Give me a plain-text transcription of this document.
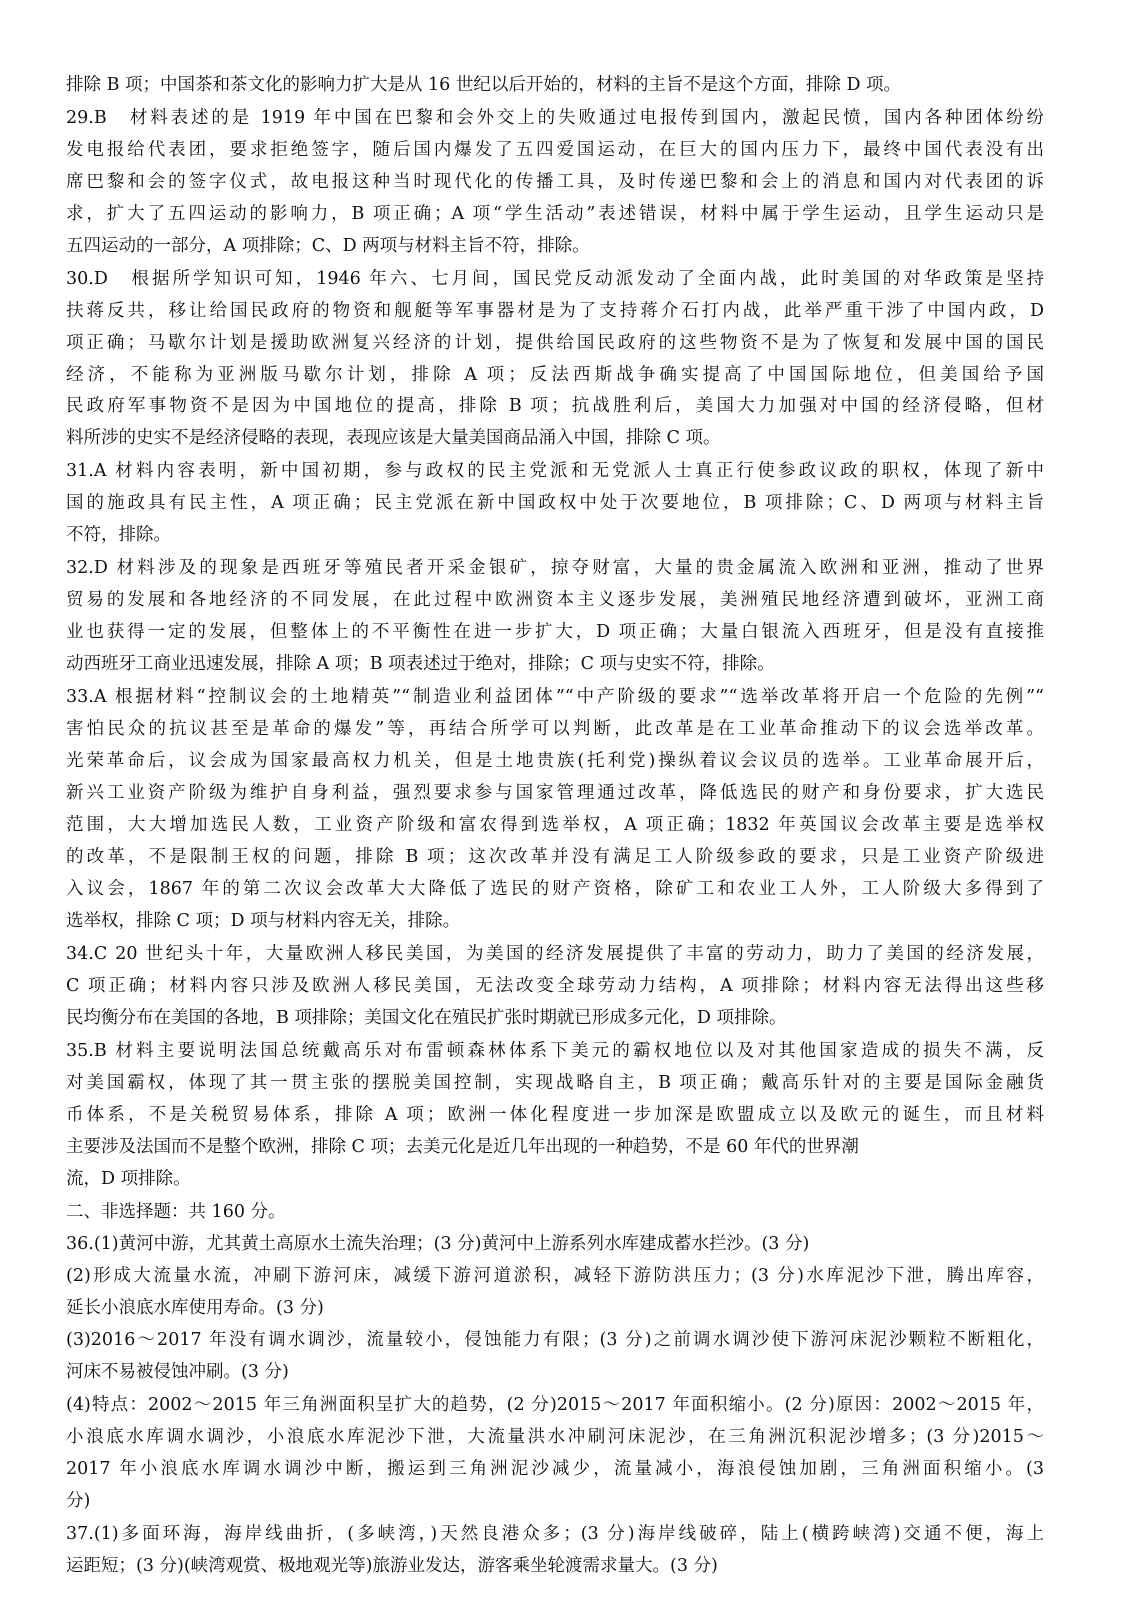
排除 B 项；中国茶和茶文化的影响力扩大是从 16 世纪以后开始的，材料的主旨不是这个方面，排除 D 项。
29.B　材料表述的是 1919 年中国在巴黎和会外交上的失败通过电报传到国内，激起民愤，国内各种团体纷纷
发电报给代表团，要求拒绝签字，随后国内爆发了五四爱国运动，在巨大的国内压力下，最终中国代表没有出
席巴黎和会的签字仪式，故电报这种当时现代化的传播工具，及时传递巴黎和会上的消息和国内对代表团的诉
求，扩大了五四运动的影响力，B 项正确；A 项“学生活动”表述错误，材料中属于学生运动，且学生运动只是
五四运动的一部分，A 项排除；C、D 两项与材料主旨不符，排除。
30.D　根据所学知识可知，1946 年六、七月间，国民党反动派发动了全面内战，此时美国的对华政策是坚持
扶蒋反共，移让给国民政府的物资和舰艇等军事器材是为了支持蒋介石打内战，此举严重干涉了中国内政，D
项正确；马歇尔计划是援助欧洲复兴经济的计划，提供给国民政府的这些物资不是为了恢复和发展中国的国民
经济，不能称为亚洲版马歇尔计划，排除 A 项；反法西斯战争确实提高了中国国际地位，但美国给予国
民政府军事物资不是因为中国地位的提高，排除 B 项；抗战胜利后，美国大力加强对中国的经济侵略，但材
料所涉的史实不是经济侵略的表现，表现应该是大量美国商品涌入中国，排除 C 项。
31.A 材料内容表明，新中国初期，参与政权的民主党派和无党派人士真正行使参政议政的职权，体现了新中
国的施政具有民主性，A 项正确；民主党派在新中国政权中处于次要地位，B 项排除；C、D 两项与材料主旨
不符，排除。
32.D 材料涉及的现象是西班牙等殖民者开采金银矿，掠夺财富，大量的贵金属流入欧洲和亚洲，推动了世界
贸易的发展和各地经济的不同发展，在此过程中欧洲资本主义逐步发展，美洲殖民地经济遭到破坏，亚洲工商
业也获得一定的发展，但整体上的不平衡性在进一步扩大，D 项正确；大量白银流入西班牙，但是没有直接推
动西班牙工商业迅速发展，排除 A 项；B 项表述过于绝对，排除；C 项与史实不符，排除。
33.A 根据材料“控制议会的土地精英”“制造业利益团体”“中产阶级的要求”“选举改革将开启一个危险的先例”“
害怕民众的抗议甚至是革命的爆发”等，再结合所学可以判断，此改革是在工业革命推动下的议会选举改革。
光荣革命后，议会成为国家最高权力机关，但是土地贵族(托利党)操纵着议会议员的选举。工业革命展开后，
新兴工业资产阶级为维护自身利益，强烈要求参与国家管理通过改革，降低选民的财产和身份要求，扩大选民
范围，大大增加选民人数，工业资产阶级和富农得到选举权，A 项正确；1832 年英国议会改革主要是选举权
的改革，不是限制王权的问题，排除 B 项；这次改革并没有满足工人阶级参政的要求，只是工业资产阶级进
入议会，1867 年的第二次议会改革大大降低了选民的财产资格，除矿工和农业工人外，工人阶级大多得到了
选举权，排除 C 项；D 项与材料内容无关，排除。
34.C 20 世纪头十年，大量欧洲人移民美国，为美国的经济发展提供了丰富的劳动力，助力了美国的经济发展，
C 项正确；材料内容只涉及欧洲人移民美国，无法改变全球劳动力结构，A 项排除；材料内容无法得出这些移
民均衡分布在美国的各地，B 项排除；美国文化在殖民扩张时期就已形成多元化，D 项排除。
35.B 材料主要说明法国总统戴高乐对布雷顿森林体系下美元的霸权地位以及对其他国家造成的损失不满，反
对美国霸权，体现了其一贯主张的摆脱美国控制，实现战略自主，B 项正确；戴高乐针对的主要是国际金融货
币体系，不是关税贸易体系，排除 A 项；欧洲一体化程度进一步加深是欧盟成立以及欧元的诞生，而且材料
主要涉及法国而不是整个欧洲，排除 C 项；去美元化是近几年出现的一种趋势，不是 60 年代的世界潮
流，D 项排除。
二、非选择题：共 160 分。
36.(1)黄河中游，尤其黄土高原水土流失治理；(3 分)黄河中上游系列水库建成蓄水拦沙。(3 分)
(2)形成大流量水流，冲刷下游河床，减缓下游河道淤积，减轻下游防洪压力；(3 分)水库泥沙下泄，腾出库容，
延长小浪底水库使用寿命。(3 分)
(3)2016～2017 年没有调水调沙，流量较小，侵蚀能力有限；(3 分)之前调水调沙使下游河床泥沙颗粒不断粗化，
河床不易被侵蚀冲刷。(3 分)
(4)特点：2002～2015 年三角洲面积呈扩大的趋势，(2 分)2015～2017 年面积缩小。(2 分)原因：2002～2015 年，
小浪底水库调水调沙，小浪底水库泥沙下泄，大流量洪水冲刷河床泥沙，在三角洲沉积泥沙增多；(3 分)2015～
2017 年小浪底水库调水调沙中断，搬运到三角洲泥沙减少，流量减小，海浪侵蚀加剧，三角洲面积缩小。(3
分)
37.(1)多面环海，海岸线曲折，(多峡湾，)天然良港众多；(3 分)海岸线破碎，陆上(横跨峡湾)交通不便，海上
运距短；(3 分)(峡湾观赏、极地观光等)旅游业发达，游客乘坐轮渡需求量大。(3 分)
